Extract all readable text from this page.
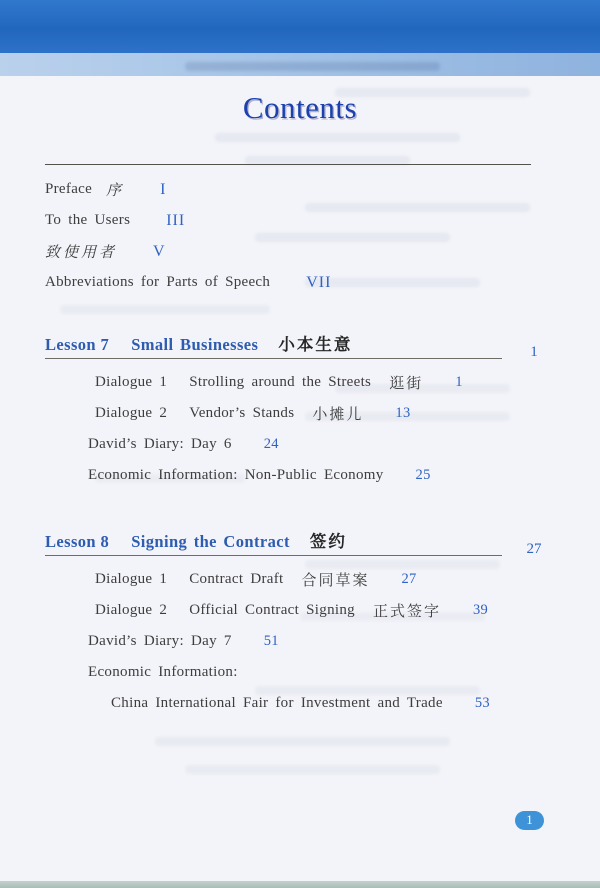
Contents
Preface 序 I
To the Users III
致使用者 V
Abbreviations for Parts of Speech VII
Lesson 7 Small Businesses 小本生意	1
Dialogue 1 Strolling around the Streets 逛街 1
Dialogue 2 Vendor’s Stands 小摊儿 13
David’s Diary: Day 6 24
Economic Information: Non-Public Economy 25
Lesson 8 Signing the Contract 签约	27
Dialogue 1 Contract Draft 合同草案 27
Dialogue 2 Official Contract Signing 正式签字 39
David’s Diary: Day 7 51
Economic Information:
China International Fair for Investment and Trade 53
1
